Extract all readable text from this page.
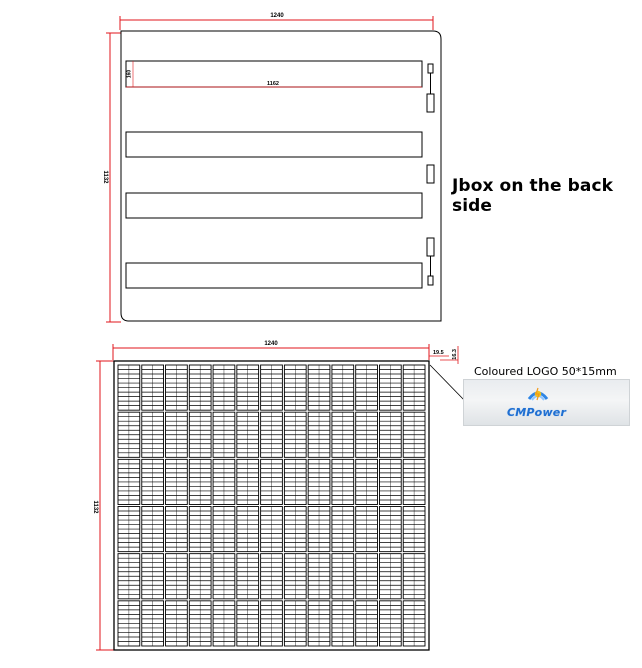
1240
1132
160
1162
1240
19.5 16.3
1132
Jbox on the back side
Coloured LOGO 50*15mm
CMPower
